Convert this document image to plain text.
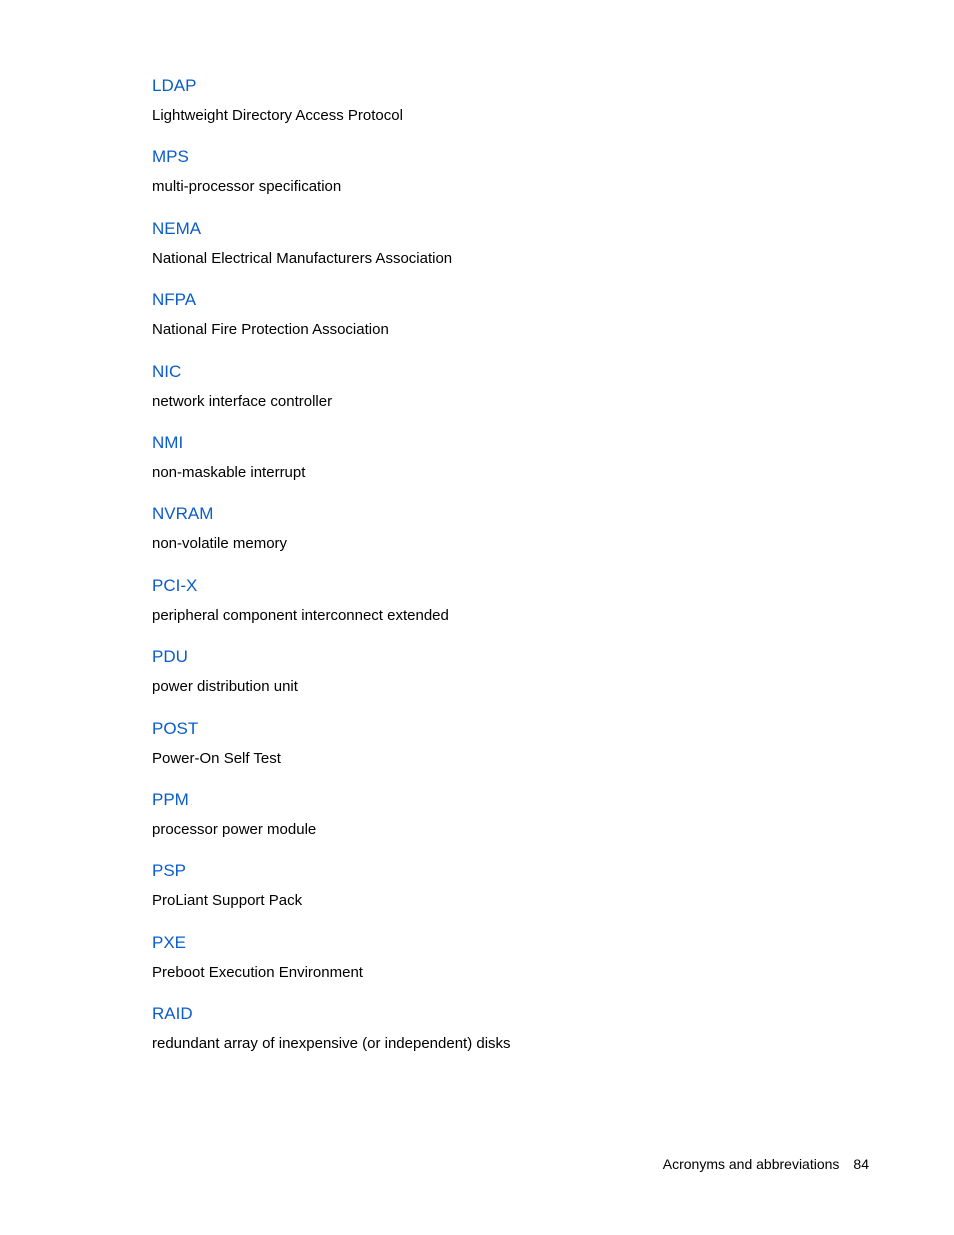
LDAP

Lightweight Directory Access Protocol

MPS

multi-processor specification

NEMA

National Electrical Manufacturers Association

NFPA

National Fire Protection Association

NIC

network interface controller

NMI

non-maskable interrupt

NVRAM

non-volatile memory

PCI-X

peripheral component interconnect extended

PDU

power distribution unit

POST

Power-On Self Test

PPM

processor power module

PSP

ProLiant Support Pack

PXE

Preboot Execution Environment

RAID

redundant array of inexpensive (or independent) disks

Acronyms and abbreviations 84
